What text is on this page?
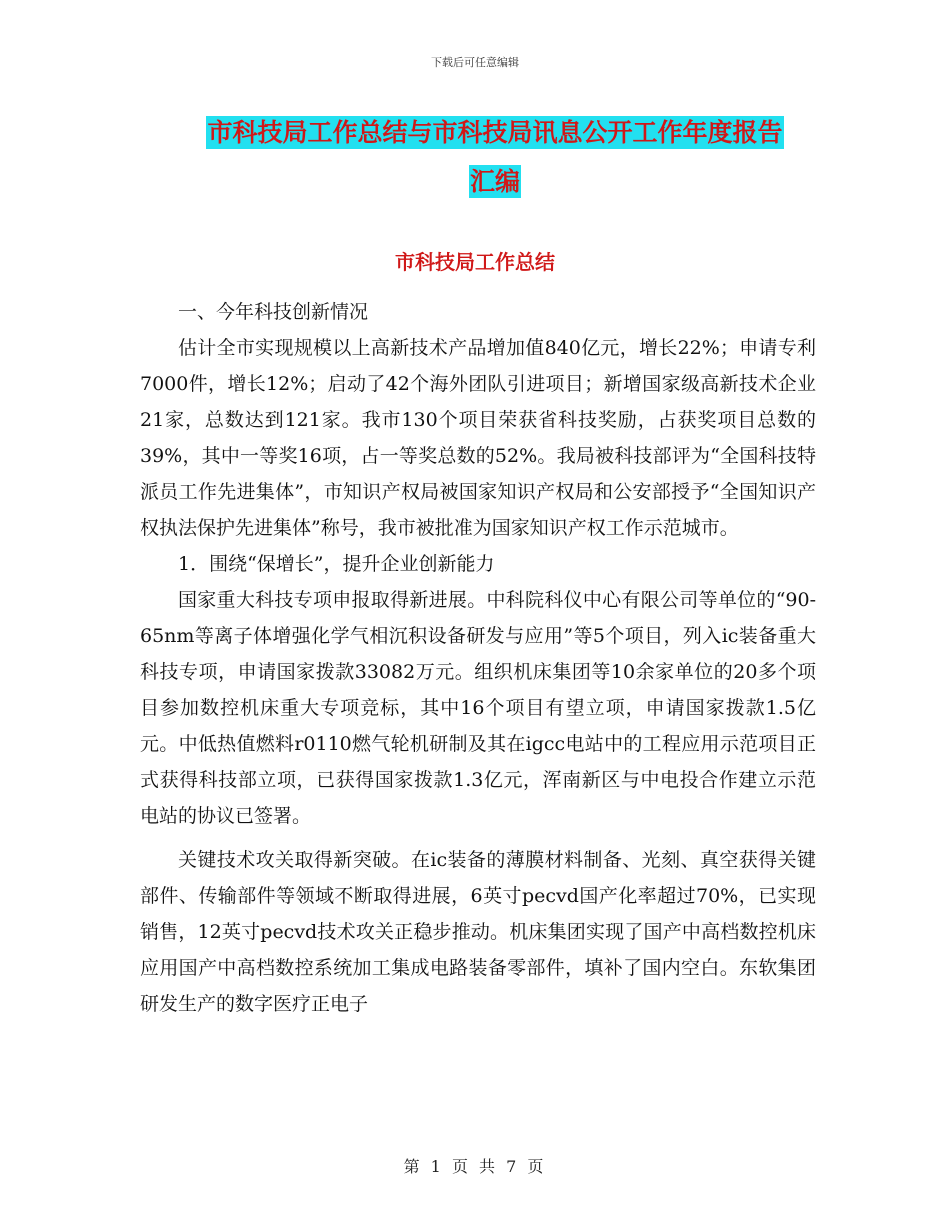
下载后可任意编辑
市科技局工作总结与市科技局讯息公开工作年度报告
汇编
市科技局工作总结

一、今年科技创新情况

估计全市实现规模以上高新技术产品增加值840亿元，增长22%；申请专利7000件，增长12%；启动了42个海外团队引进项目；新增国家级高新技术企业21家，总数达到121家。我市130个项目荣获省科技奖励，占获奖项目总数的39%，其中一等奖16项，占一等奖总数的52%。我局被科技部评为“全国科技特派员工作先进集体”，市知识产权局被国家知识产权局和公安部授予“全国知识产权执法保护先进集体”称号，我市被批准为国家知识产权工作示范城市。

1．围绕“保增长”，提升企业创新能力

国家重大科技专项申报取得新进展。中科院科仪中心有限公司等单位的“90-65nm等离子体增强化学气相沉积设备研发与应用”等5个项目，列入ic装备重大科技专项，申请国家拨款33082万元。组织机床集团等10余家单位的20多个项目参加数控机床重大专项竞标，其中16个项目有望立项，申请国家拨款1.5亿元。中低热值燃料r0110燃气轮机研制及其在igcc电站中的工程应用示范项目正式获得科技部立项，已获得国家拨款1.3亿元，浑南新区与中电投合作建立示范电站的协议已签署。

关键技术攻关取得新突破。在ic装备的薄膜材料制备、光刻、真空获得关键部件、传输部件等领域不断取得进展，6英寸pecvd国产化率超过70%，已实现销售，12英寸pecvd技术攻关正稳步推动。机床集团实现了国产中高档数控机床应用国产中高档数控系统加工集成电路装备零部件，填补了国内空白。东软集团研发生产的数字医疗正电子

第 1 页 共 7 页
